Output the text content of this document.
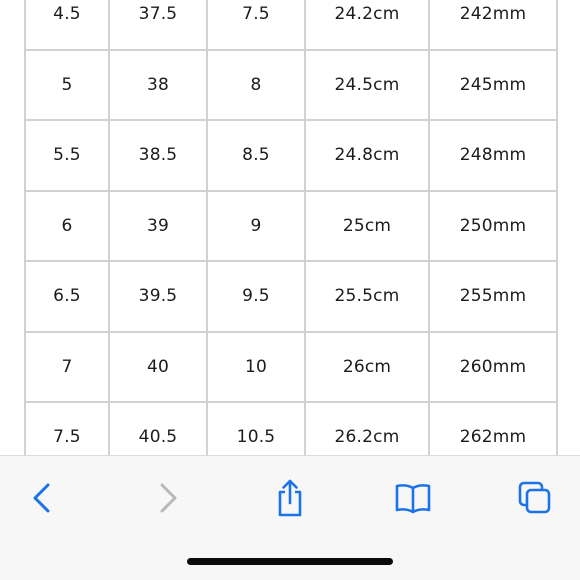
4.5	37.5	7.5	24.2cm	242mm
5	38	8	24.5cm	245mm
5.5	38.5	8.5	24.8cm	248mm
6	39	9	25cm	250mm
6.5	39.5	9.5	25.5cm	255mm
7	40	10	26cm	260mm
7.5	40.5	10.5	26.2cm	262mm
